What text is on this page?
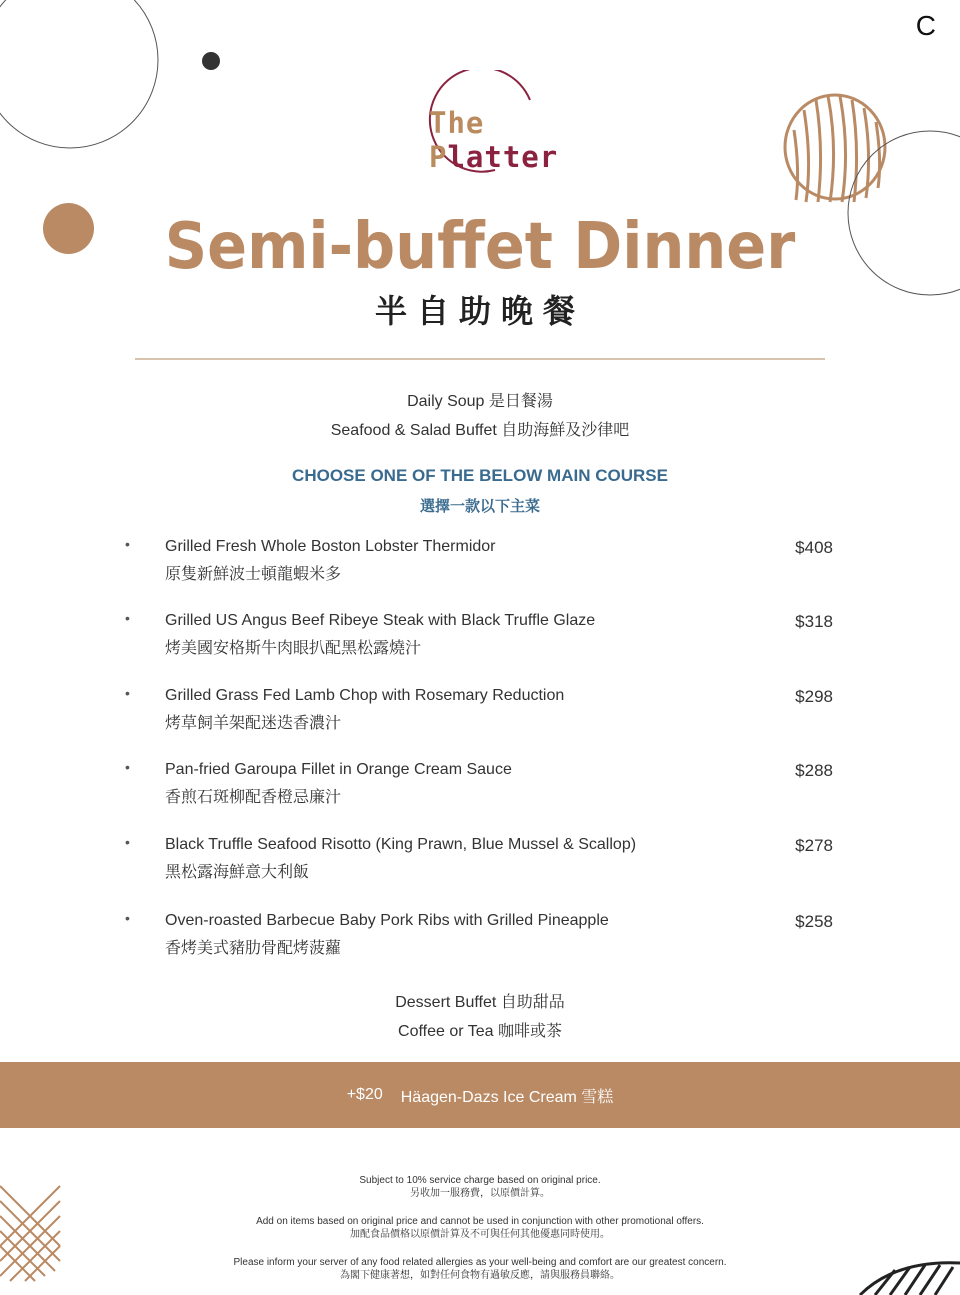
C
The Platter
Semi-buffet Dinner
半自助晚餐
Daily Soup 是日餐湯
Seafood & Salad Buffet 自助海鮮及沙律吧
CHOOSE ONE OF THE BELOW MAIN COURSE
選擇一款以下主菜
• Grilled Fresh Whole Boston Lobster Thermidor
原隻新鮮波士頓龍蝦米多
$408
• Grilled US Angus Beef Ribeye Steak with Black Truffle Glaze
烤美國安格斯牛肉眼扒配黑松露燒汁
$318
• Grilled Grass Fed Lamb Chop with Rosemary Reduction
烤草飼羊架配迷迭香濃汁
$298
• Pan-fried Garoupa Fillet in Orange Cream Sauce
香煎石斑柳配香橙忌廉汁
$288
• Black Truffle Seafood Risotto (King Prawn, Blue Mussel & Scallop)
黑松露海鮮意大利飯
$278
• Oven-roasted Barbecue Baby Pork Ribs with Grilled Pineapple
香烤美式豬肋骨配烤菠蘿
$258
Dessert Buffet 自助甜品
Coffee or Tea 咖啡或茶
+$20 Häagen-Dazs Ice Cream 雪糕
Subject to 10% service charge based on original price.
另收加一服務費，以原價計算。
Add on items based on original price and cannot be used in conjunction with other promotional offers.
加配食品價格以原價計算及不可與任何其他優惠同時使用。
Please inform your server of any food related allergies as your well-being and comfort are our greatest concern.
為閣下健康著想，如對任何食物有過敏反應，請與服務員聯絡。
